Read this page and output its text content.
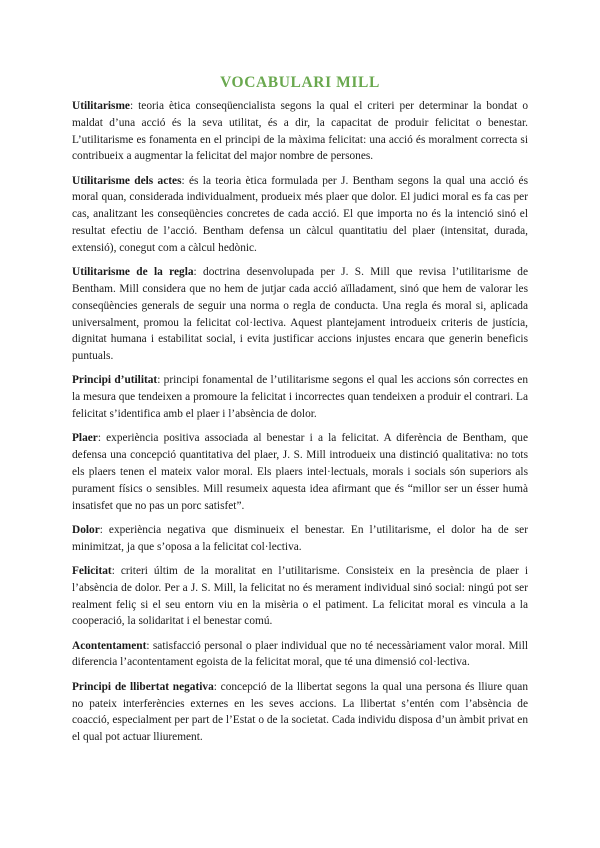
VOCABULARI MILL

Utilitarisme: teoria ètica conseqüencialista segons la qual el criteri per determinar la bondat o maldat d’una acció és la seva utilitat, és a dir, la capacitat de produir felicitat o benestar. L’utilitarisme es fonamenta en el principi de la màxima felicitat: una acció és moralment correcta si contribueix a augmentar la felicitat del major nombre de persones.

Utilitarisme dels actes: és la teoria ètica formulada per J. Bentham segons la qual una acció és moral quan, considerada individualment, produeix més plaer que dolor. El judici moral es fa cas per cas, analitzant les conseqüències concretes de cada acció. El que importa no és la intenció sinó el resultat efectiu de l’acció. Bentham defensa un càlcul quantitatiu del plaer (intensitat, durada, extensió), conegut com a càlcul hedònic.

Utilitarisme de la regla: doctrina desenvolupada per J. S. Mill que revisa l’utilitarisme de Bentham. Mill considera que no hem de jutjar cada acció aïlladament, sinó que hem de valorar les conseqüències generals de seguir una norma o regla de conducta. Una regla és moral si, aplicada universalment, promou la felicitat col·lectiva. Aquest plantejament introdueix criteris de justícia, dignitat humana i estabilitat social, i evita justificar accions injustes encara que generin beneficis puntuals.

Principi d’utilitat: principi fonamental de l’utilitarisme segons el qual les accions són correctes en la mesura que tendeixen a promoure la felicitat i incorrectes quan tendeixen a produir el contrari. La felicitat s’identifica amb el plaer i l’absència de dolor.

Plaer: experiència positiva associada al benestar i a la felicitat. A diferència de Bentham, que defensa una concepció quantitativa del plaer, J. S. Mill introdueix una distinció qualitativa: no tots els plaers tenen el mateix valor moral. Els plaers intel·lectuals, morals i socials són superiors als purament físics o sensibles. Mill resumeix aquesta idea afirmant que és “millor ser un ésser humà insatisfet que no pas un porc satisfet”.

Dolor: experiència negativa que disminueix el benestar. En l’utilitarisme, el dolor ha de ser minimitzat, ja que s’oposa a la felicitat col·lectiva.

Felicitat: criteri últim de la moralitat en l’utilitarisme. Consisteix en la presència de plaer i l’absència de dolor. Per a J. S. Mill, la felicitat no és merament individual sinó social: ningú pot ser realment feliç si el seu entorn viu en la misèria o el patiment. La felicitat moral es vincula a la cooperació, la solidaritat i el benestar comú.

Acontentament: satisfacció personal o plaer individual que no té necessàriament valor moral. Mill diferencia l’acontentament egoista de la felicitat moral, que té una dimensió col·lectiva.

Principi de llibertat negativa: concepció de la llibertat segons la qual una persona és lliure quan no pateix interferències externes en les seves accions. La llibertat s’entén com l’absència de coacció, especialment per part de l’Estat o de la societat. Cada individu disposa d’un àmbit privat en el qual pot actuar lliurement.
